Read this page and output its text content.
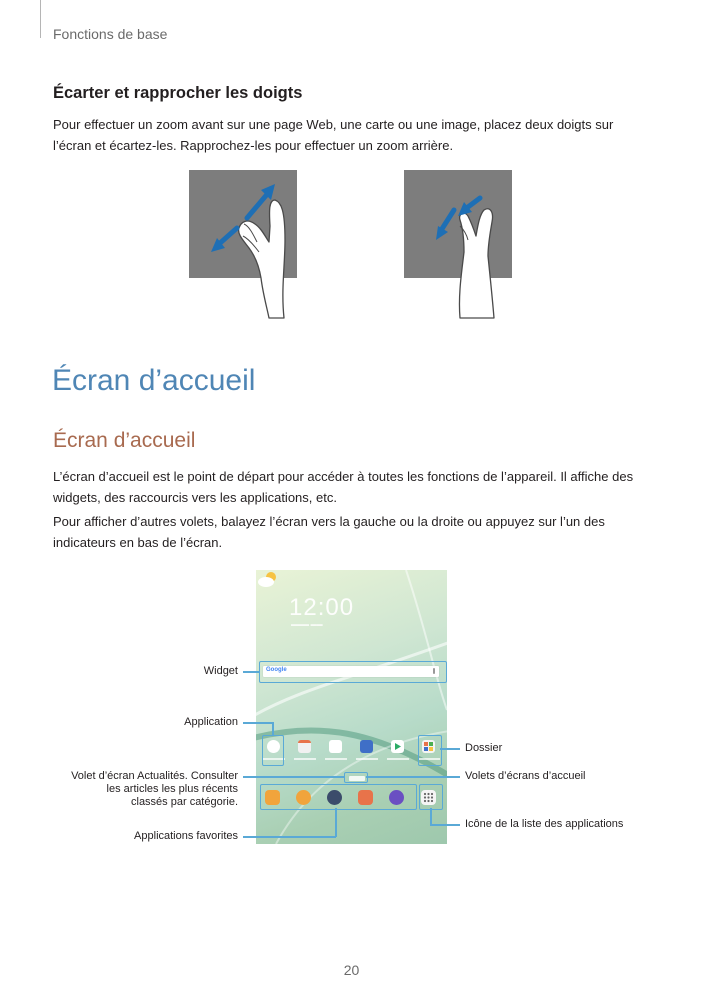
Fonctions de base
Écarter et rapprocher les doigts
Pour effectuer un zoom avant sur une page Web, une carte ou une image, placez deux doigts sur l’écran et écartez-les. Rapprochez-les pour effectuer un zoom arrière.
Écran d’accueil
Écran d’accueil
L’écran d’accueil est le point de départ pour accéder à toutes les fonctions de l’appareil. Il affiche des widgets, des raccourcis vers les applications, etc.
Pour afficher d’autres volets, balayez l’écran vers la gauche ou la droite ou appuyez sur l’un des indicateurs en bas de l’écran.
12:00
▬▬▬ ▬▬
Google
Widget
Application
Volet d’écran Actualités. Consulter les articles les plus récents classés par catégorie.
Applications favorites
Dossier
Volets d’écrans d’accueil
Icône de la liste des applications
20
